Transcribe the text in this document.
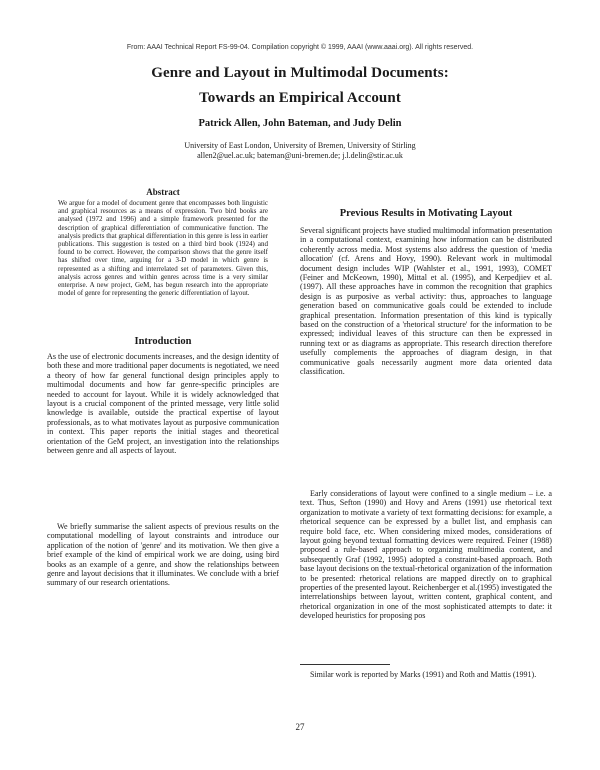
From: AAAI Technical Report FS-99-04. Compilation copyright © 1999, AAAI (www.aaai.org). All rights reserved.
Genre and Layout in Multimodal Documents:
Towards an Empirical Account
Patrick Allen, John Bateman, and Judy Delin
University of East London, University of Bremen, University of Stirling
allen2@uel.ac.uk; bateman@uni-bremen.de; j.l.delin@stir.ac.uk
Abstract
We argue for a model of document genre that encompasses both linguistic and graphical resources as a means of expression. Two bird books are analysed (1972 and 1996) and a simple framework presented for the description of graphical differentiation of communicative function. The analysis predicts that graphical differentiation in this genre is less in earlier publications. This suggestion is tested on a third bird book (1924) and found to be correct. However, the comparison shows that the genre itself has shifted over time, arguing for a 3-D model in which genre is represented as a shifting and interrelated set of parameters. Given this, analysis across genres and within genres across time is a very similar enterprise. A new project, GeM, has begun research into the appropriate model of genre for representing the generic differentiation of layout.
Introduction
As the use of electronic documents increases, and the design identity of both these and more traditional paper documents is negotiated, we need a theory of how far general functional design principles apply to multimodal documents and how far genre-specific principles are needed to account for layout. While it is widely acknowledged that layout is a crucial component of the printed message, very little solid knowledge is available, outside the practical expertise of layout professionals, as to what motivates layout as purposive communication in context. This paper reports the initial stages and theoretical orientation of the GeM project, an investigation into the relationships between genre and all aspects of layout.
We briefly summarise the salient aspects of previous results on the computational modelling of layout constraints and introduce our application of the notion of 'genre' and its motivation. We then give a brief example of the kind of empirical work we are doing, using bird books as an example of a genre, and show the relationships between genre and layout decisions that it illuminates. We conclude with a brief summary of our research orientations.
Previous Results in Motivating Layout
Several significant projects have studied multimodal information presentation in a computational context, examining how information can be distributed coherently across media. Most systems also address the question of 'media allocation' (cf. Arens and Hovy, 1990). Relevant work in multimodal document design includes WIP (Wahlster et al., 1991, 1993), COMET (Feiner and McKeown, 1990), Mittal et al. (1995), and Kerpedjiev et al.(1997). All these approaches have in common the recognition that graphics design is as purposive as verbal activity: thus, approaches to language generation based on communicative goals could be extended to include graphical presentation. Information presentation of this kind is typically based on the construction of a 'rhetorical structure' for the information to be expressed; individual leaves of this structure can then be expressed in running text or as diagrams as appropriate. This research direction therefore usefully complements the approaches of diagram design, in that communicative goals necessarily augment more data oriented data classification.
Early considerations of layout were confined to a single medium – i.e. a text. Thus, Sefton (1990) and Hovy and Arens (1991) use rhetorical text organization to motivate a variety of text formatting decisions: for example, a rhetorical sequence can be expressed by a bullet list, and emphasis can require bold face, etc. When considering mixed modes, considerations of layout going beyond textual formatting devices were required. Feiner (1988) proposed a rule-based approach to organizing multimedia content, and subsequently Graf (1992, 1995) adopted a constraint-based approach. Both base layout decisions on the textual-rhetorical organization of the information to be presented: rhetorical relations are mapped directly on to graphical properties of the presented layout. Reichenberger et al.(1995) investigated the interrelationships between layout, written content, graphical content, and rhetorical organization in one of the most sophisticated attempts to date: it developed heuristics for proposing pos
Similar work is reported by Marks (1991) and Roth and Mattis (1991).
27
